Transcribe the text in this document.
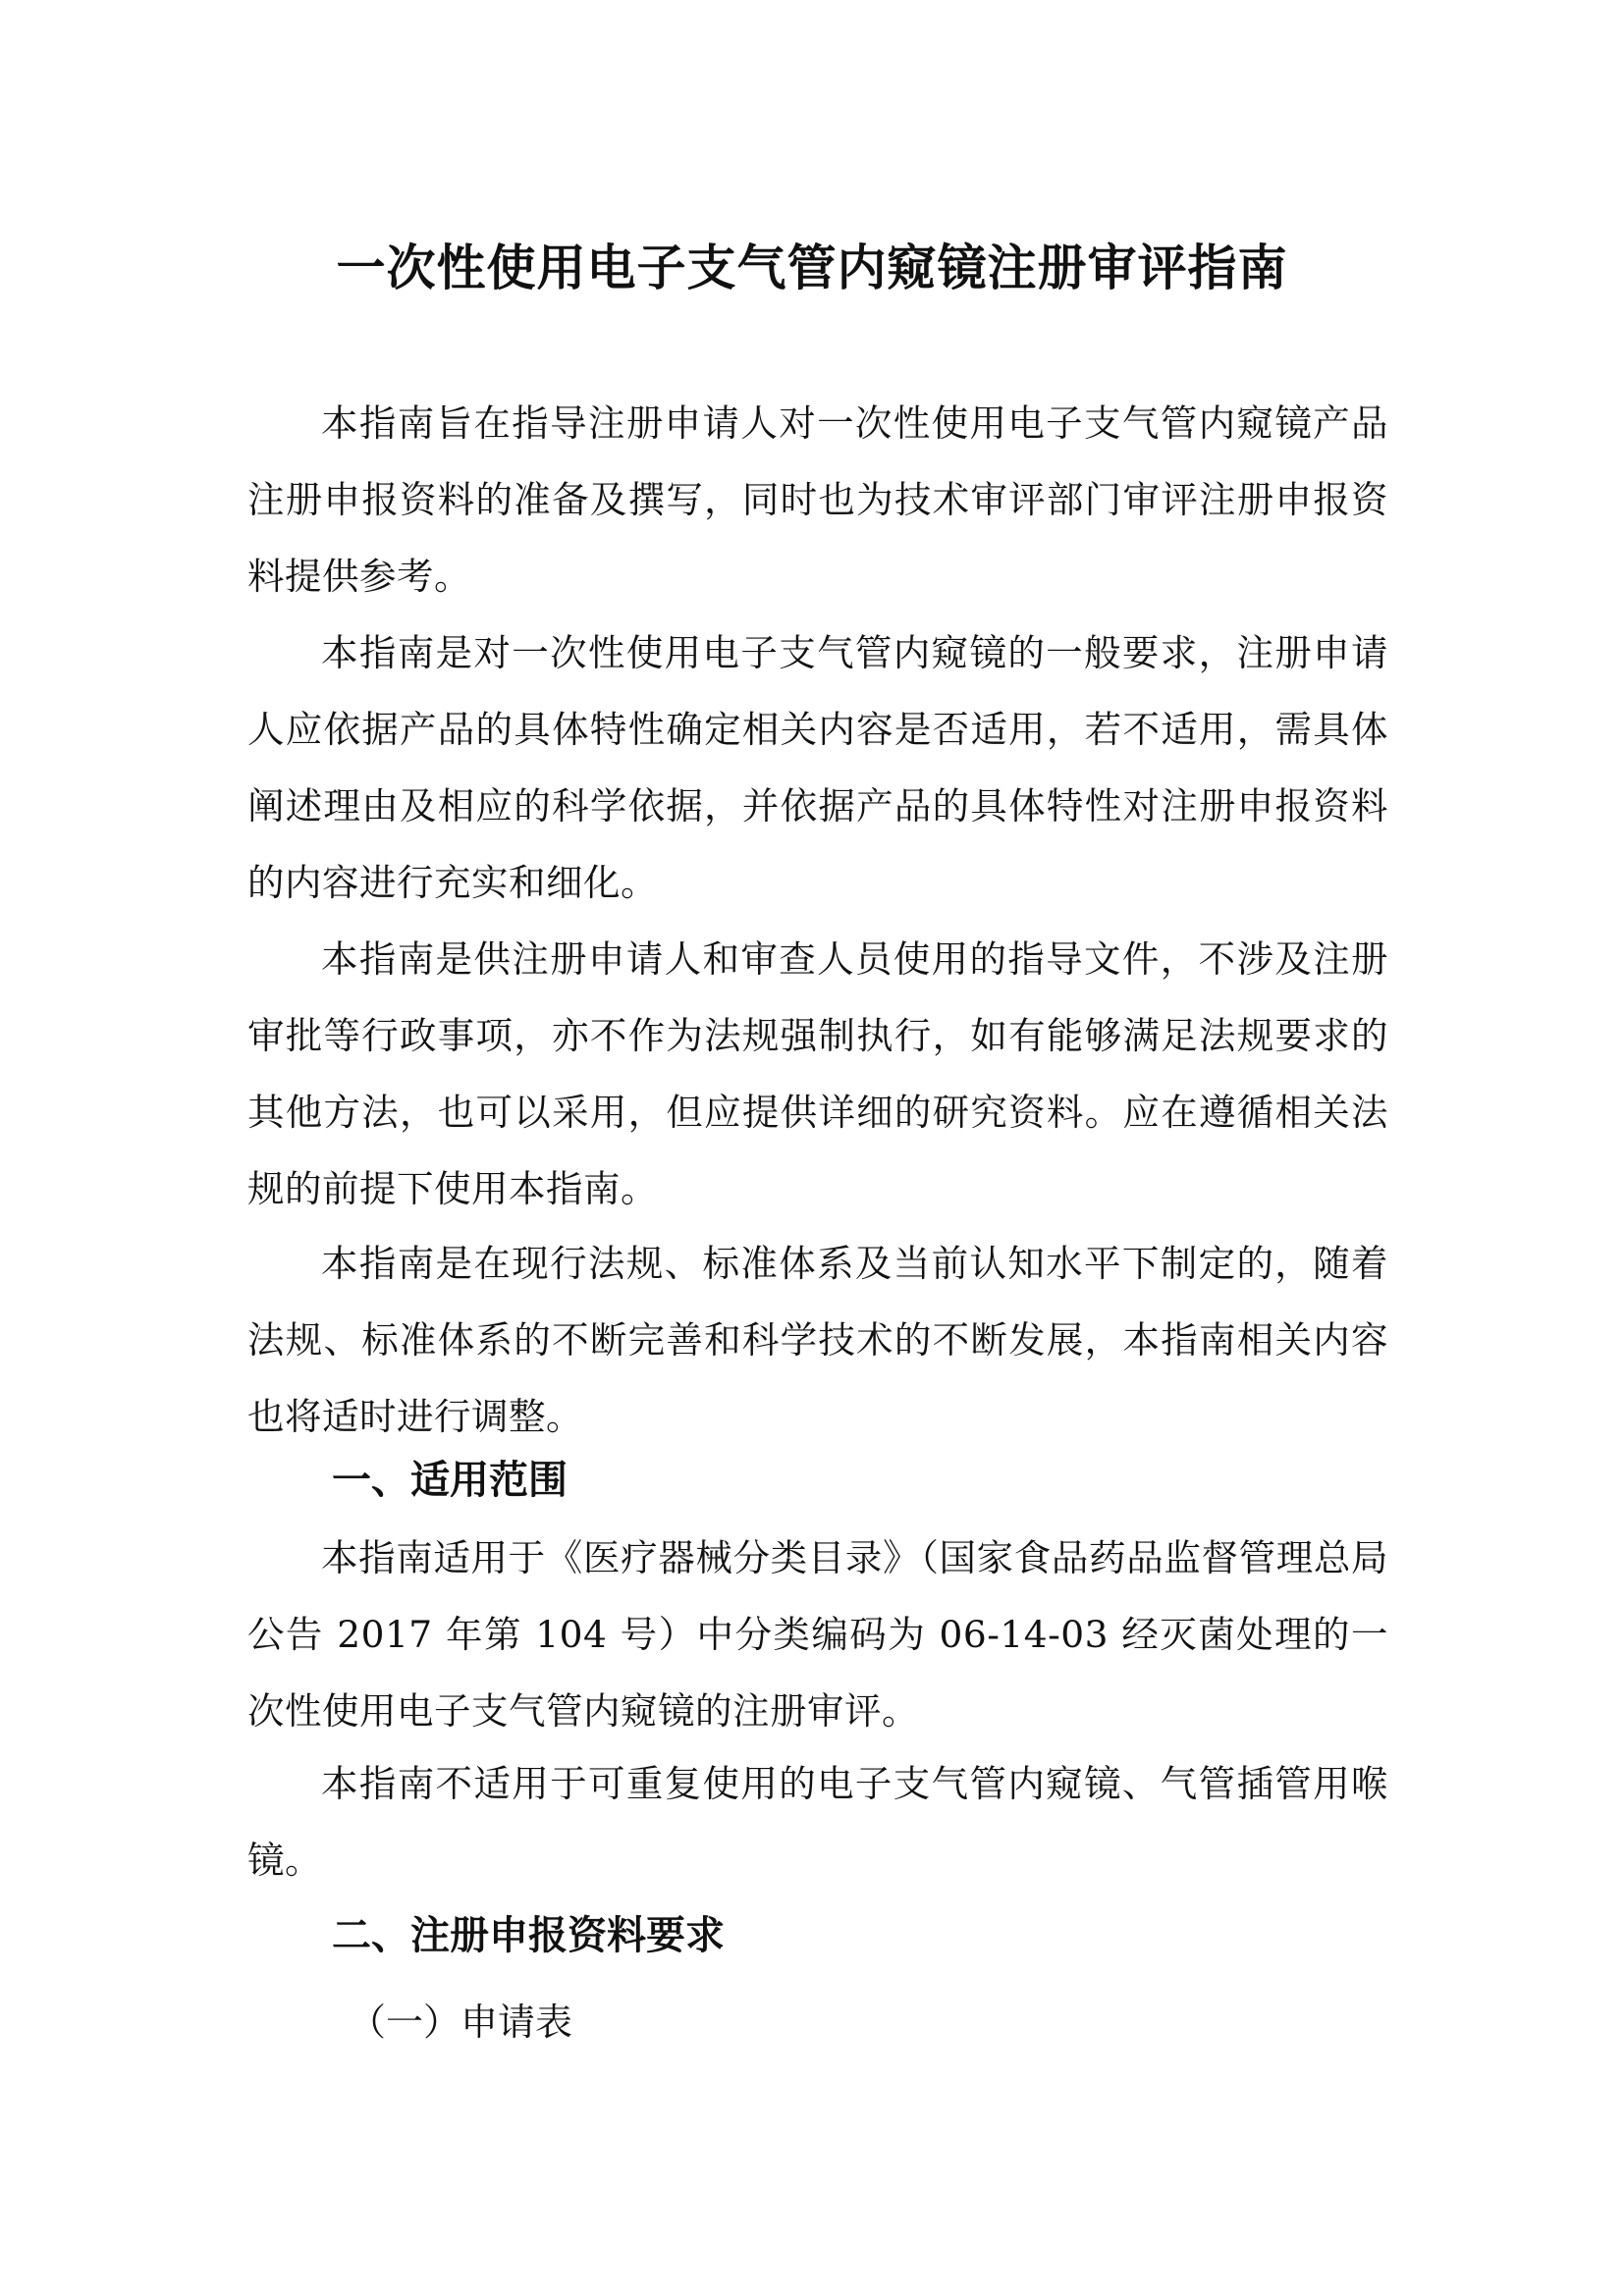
一次性使用电子支气管内窥镜注册审评指南
本指南旨在指导注册申请人对一次性使用电子支气管内窥镜产品注册申报资料的准备及撰写，同时也为技术审评部门审评注册申报资料提供参考。
本指南是对一次性使用电子支气管内窥镜的一般要求，注册申请人应依据产品的具体特性确定相关内容是否适用，若不适用，需具体阐述理由及相应的科学依据，并依据产品的具体特性对注册申报资料的内容进行充实和细化。
本指南是供注册申请人和审查人员使用的指导文件，不涉及注册审批等行政事项，亦不作为法规强制执行，如有能够满足法规要求的其他方法，也可以采用，但应提供详细的研究资料。应在遵循相关法规的前提下使用本指南。
本指南是在现行法规、标准体系及当前认知水平下制定的，随着法规、标准体系的不断完善和科学技术的不断发展，本指南相关内容也将适时进行调整。
一、适用范围
本指南适用于《医疗器械分类目录》（国家食品药品监督管理总局公告 2017 年第 104 号）中分类编码为 06-14-03 经灭菌处理的一次性使用电子支气管内窥镜的注册审评。
本指南不适用于可重复使用的电子支气管内窥镜、气管插管用喉镜。
二、注册申报资料要求
（一）申请表
